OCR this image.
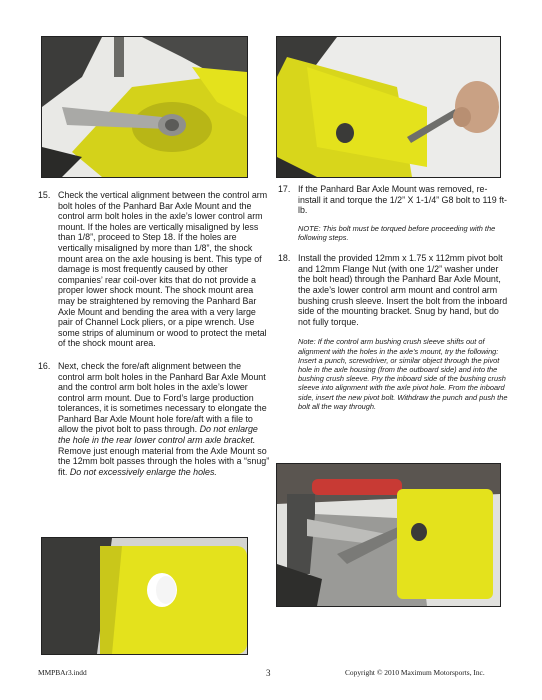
15. Check the vertical alignment between the control arm bolt holes of the Panhard Bar Axle Mount and the control arm bolt holes in the axle’s lower control arm mount. If the holes are vertically misaligned by less than 1/8”, proceed to Step 18. If the holes are vertically misaligned by more than 1/8”, the shock mount area on the axle housing is bent. This type of damage is most frequently caused by other companies’ rear coil-over kits that do not provide a proper lower shock mount. The shock mount area may be straightened by removing the Panhard Bar Axle Mount and bending the area with a very large pair of Channel Lock pliers, or a pipe wrench. Use some strips of aluminum or wood to protect the metal of the shock mount area.
16. Next, check the fore/aft alignment between the control arm bolt holes in the Panhard Bar Axle Mount and the control arm bolt holes in the axle’s lower control arm mount. Due to Ford’s large production tolerances, it is sometimes necessary to elongate the Panhard Bar Axle Mount hole fore/aft with a file to allow the pivot bolt to pass through. Do not enlarge the hole in the rear lower control arm axle bracket. Remove just enough material from the Axle Mount so the 12mm bolt passes through the holes with a “snug” fit. Do not excessively enlarge the holes.
17. If the Panhard Bar Axle Mount was removed, re-install it and torque the 1/2” X 1-1/4” G8 bolt to 119 ft-lb.
NOTE: This bolt must be torqued before proceeding with the following steps.
18. Install the provided 12mm x 1.75 x 112mm pivot bolt and 12mm Flange Nut (with one 1/2” washer under the bolt head) through the Panhard Bar Axle Mount, the axle’s lower control arm mount and control arm bushing crush sleeve. Insert the bolt from the inboard side of the mounting bracket. Snug by hand, but do not fully torque.
Note: If the control arm bushing crush sleeve shifts out of alignment with the holes in the axle’s mount, try the following: Insert a punch, screwdriver, or similar object through the pivot hole in the axle housing (from the outboard side) and into the bushing crush sleeve. Pry the inboard side of the bushing crush sleeve into alignment with the axle pivot hole. From the inboard side, insert the new pivot bolt. Withdraw the punch and push the bolt all the way through.
MMPBAr3.indd	3	Copyright © 2010 Maximum Motorsports, Inc.
